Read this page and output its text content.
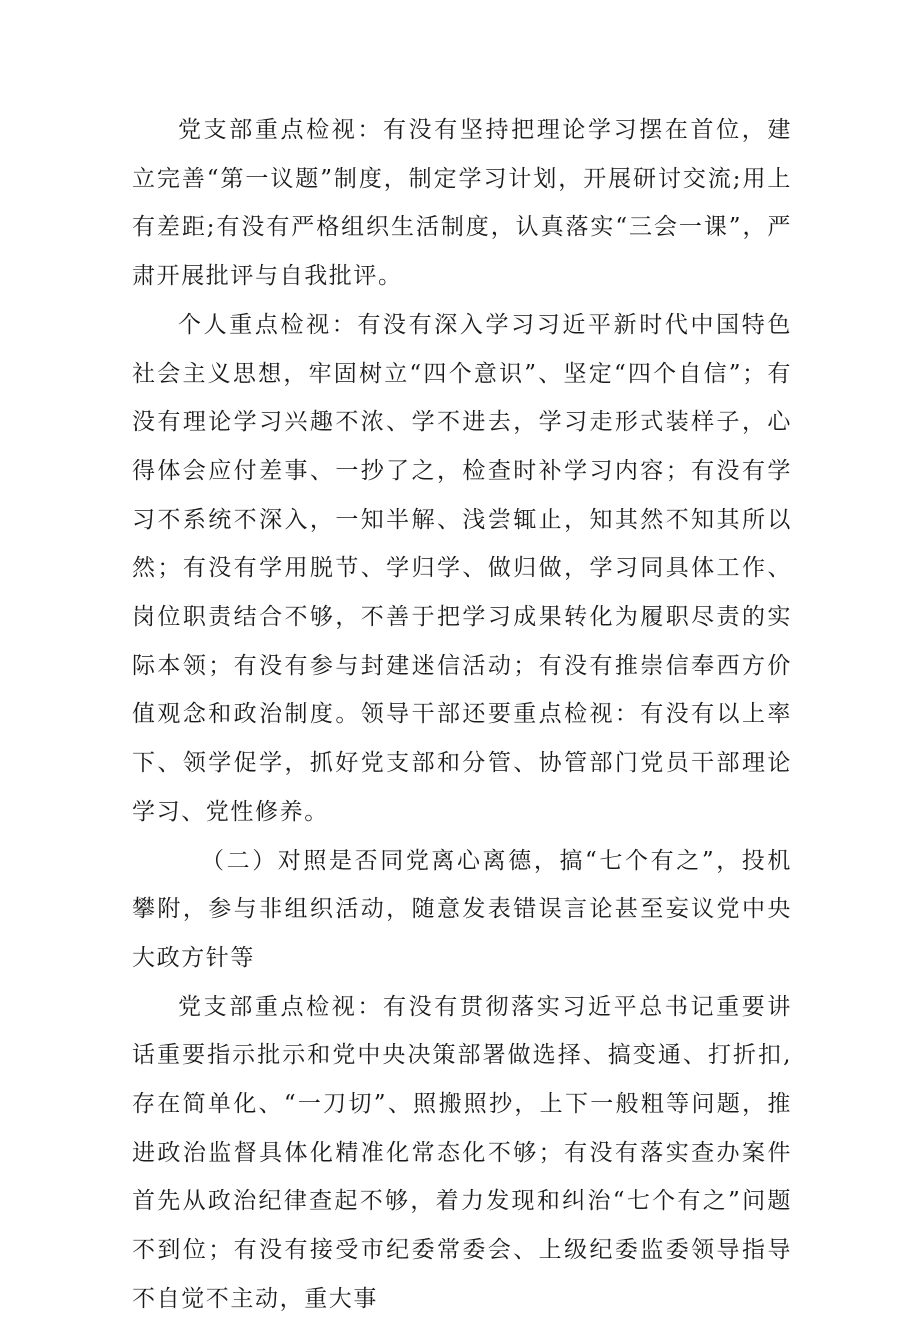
党支部重点检视：有没有坚持把理论学习摆在首位，建立完善“第一议题”制度，制定学习计划，开展研讨交流;用上有差距;有没有严格组织生活制度，认真落实“三会一课”，严肃开展批评与自我批评。

个人重点检视：有没有深入学习习近平新时代中国特色社会主义思想，牢固树立“四个意识”、坚定“四个自信”；有没有理论学习兴趣不浓、学不进去，学习走形式装样子，心得体会应付差事、一抄了之，检查时补学习内容；有没有学习不系统不深入，一知半解、浅尝辄止，知其然不知其所以然；有没有学用脱节、学归学、做归做，学习同具体工作、岗位职责结合不够，不善于把学习成果转化为履职尽责的实际本领；有没有参与封建迷信活动；有没有推崇信奉西方价值观念和政治制度。领导干部还要重点检视：有没有以上率下、领学促学，抓好党支部和分管、协管部门党员干部理论学习、党性修养。

（二）对照是否同党离心离德，搞“七个有之”，投机攀附，参与非组织活动，随意发表错误言论甚至妄议党中央大政方针等

党支部重点检视：有没有贯彻落实习近平总书记重要讲话重要指示批示和党中央决策部署做选择、搞变通、打折扣,存在简单化、“一刀切”、照搬照抄，上下一般粗等问题，推进政治监督具体化精准化常态化不够；有没有落实查办案件首先从政治纪律查起不够，着力发现和纠治“七个有之”问题不到位；有没有接受市纪委常委会、上级纪委监委领导指导不自觉不主动，重大事
